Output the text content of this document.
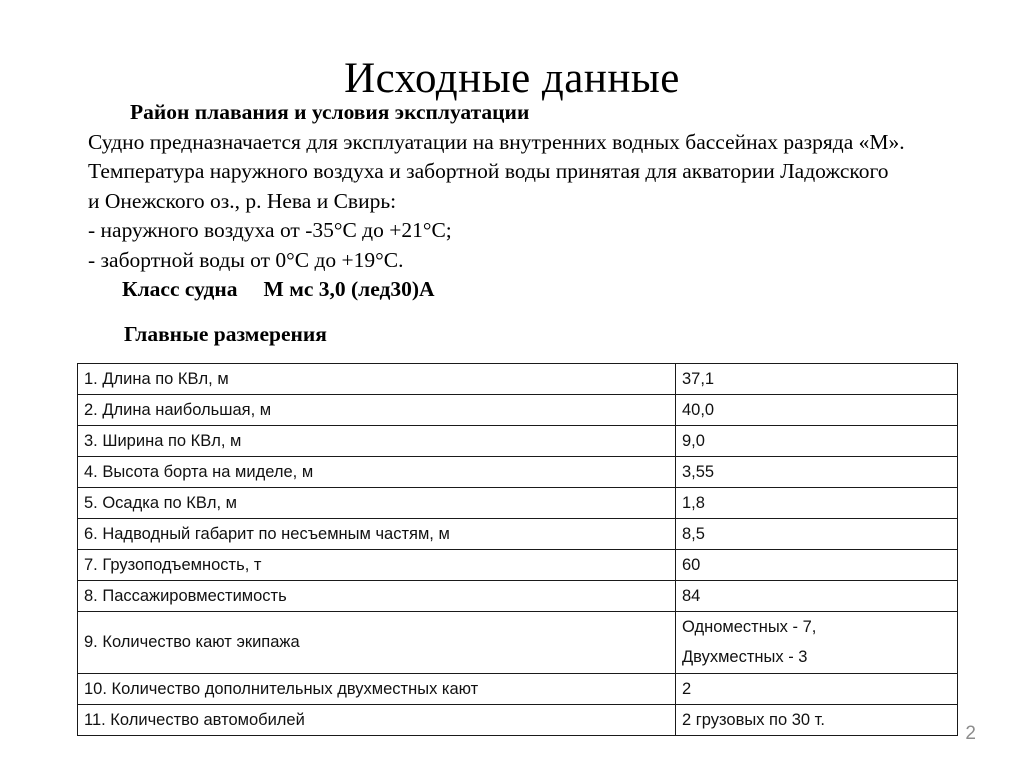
Исходные данные
Район плавания и условия эксплуатации
Судно предназначается для эксплуатации на внутренних водных бассейнах разряда «М».
Температура наружного воздуха и забортной воды принятая для акватории Ладожского
и Онежского оз., р. Нева и Свирь:
- наружного воздуха от -35°С до +21°С;
- забортной воды от 0°С до +19°С.
Класс судна М мс 3,0 (лед30)А
Главные размерения
1. Длина по КВл, м	37,1
2. Длина наибольшая, м	40,0
3. Ширина по КВл, м	9,0
4. Высота борта на миделе, м	3,55
5. Осадка по КВл, м	1,8
6. Надводный габарит по несъемным частям, м	8,5
7. Грузоподъемность, т	60
8. Пассажировместимость	84
9. Количество кают экипажа	Одноместных - 7,
Двухместных - 3

10. Количество дополнительных двухместных кают	2
11. Количество автомобилей	2 грузовых по 30 т.
2
